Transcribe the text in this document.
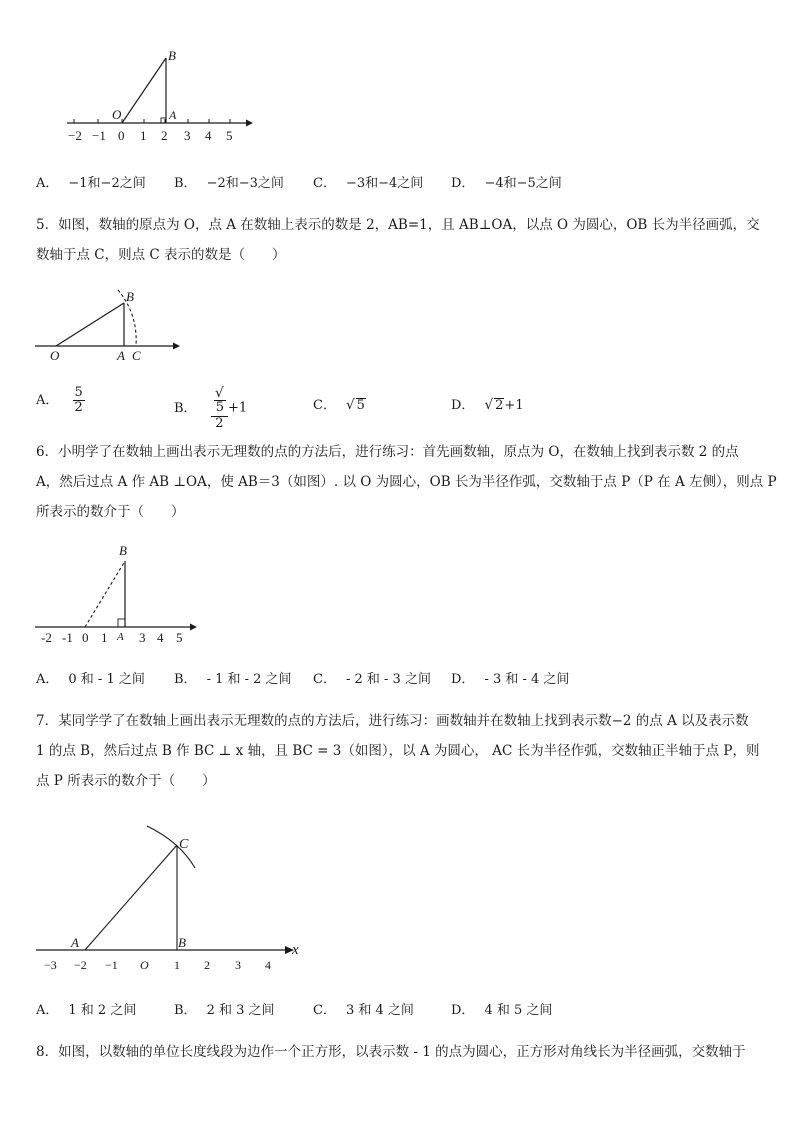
−2 −1 0 1 2 3 4 5
O	A
B
A． −1和−2之间 B． −2和−3之间 C． −3和−4之间 D． −4和−5之间

5．如图，数轴的原点为 O，点 A 在数轴上表示的数是 2，AB=1，且 AB⊥OA，以点 O 为圆心，OB 长为半径画弧，交

数轴于点 C，则点 C 表示的数是（　　）

O	A C
B
A． $\frac{5}{2}$	B． √
5
2 +1	C． √ 5	D． √ 2+1

6．小明学了在数轴上画出表示无理数的点的方法后，进行练习：首先画数轴，原点为 O，在数轴上找到表示数 2 的点

A，然后过点 A 作 AB ⊥OA，使 AB＝3（如图）. 以 O 为圆心，OB 长为半径作弧，交数轴于点 P（P 在 A 左侧），则点 P

所表示的数介于（　　）

-2 -1 0 1 3 4 5
A
B
A． 0 和 - 1 之间 B． - 1 和 - 2 之间 C． - 2 和 - 3 之间 D． - 3 和 - 4 之间

7．某同学学了在数轴上画出表示无理数的点的方法后，进行练习：画数轴并在数轴上找到表示数−2 的点 A 以及表示数

1 的点 B，然后过点 B 作 BC ⊥ x 轴，且 BC = 3（如图），以 A 为圆心， AC 长为半径作弧，交数轴正半轴于点 P，则

点 P 所表示的数介于（　　）

−3 −2 −1 O 1 2 3 4
A	B
C
x
A． 1 和 2 之间	B． 2 和 3 之间	C． 3 和 4 之间	D． 4 和 5 之间

8．如图，以数轴的单位长度线段为边作一个正方形，以表示数 - 1 的点为圆心，正方形对角线长为半径画弧，交数轴于
